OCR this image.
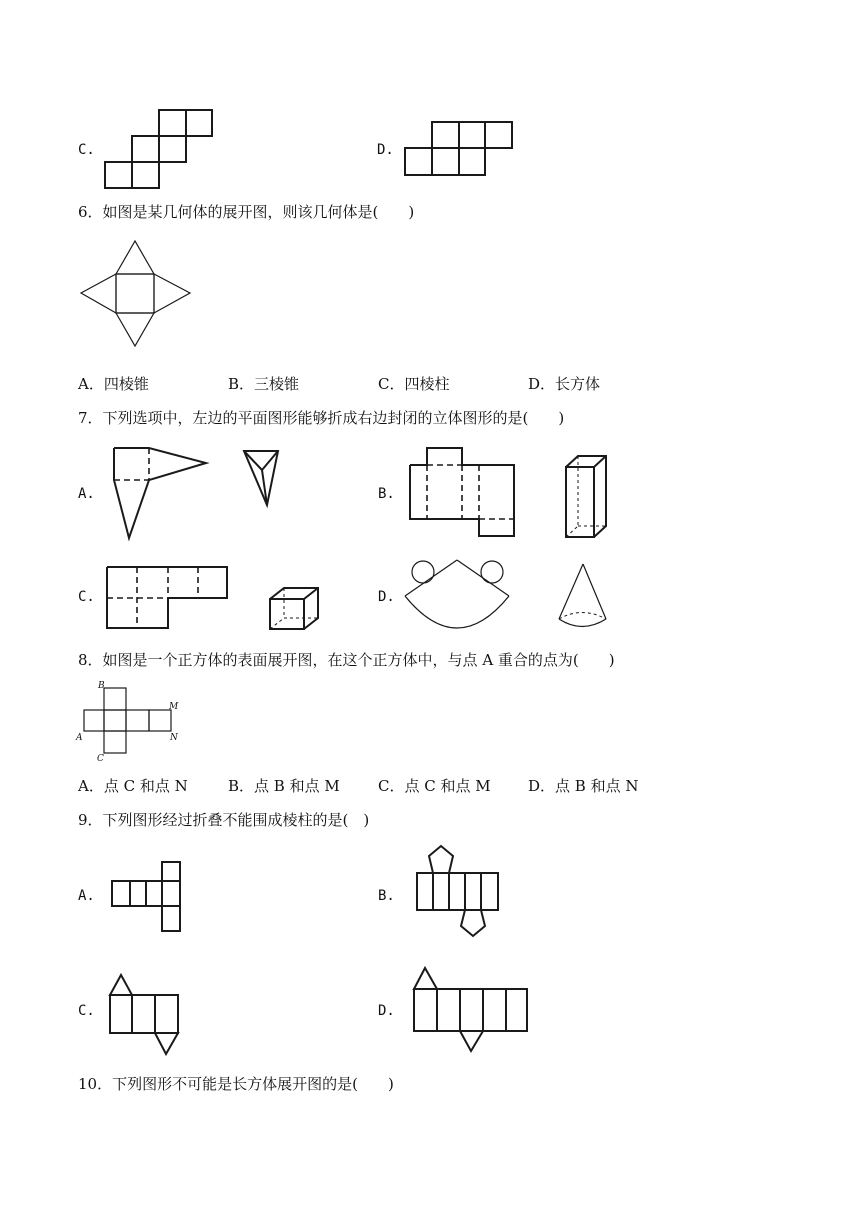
C.	D.
6．如图是某几何体的展开图，则该几何体是(　　)
A．四棱锥	B．三棱锥	C．四棱柱	D．长方体
7．下列选项中，左边的平面图形能够折成右边封闭的立体图形的是(　　)
A.	B.
C.	D.
8．如图是一个正方体的表面展开图，在这个正方体中，与点 A 重合的点为(　　)
B
M
A	N
C
A．点 C 和点 N	B．点 B 和点 M	C．点 C 和点 M D．点 B 和点 N
9．下列图形经过折叠不能围成棱柱的是(　)
A.	B.
C.	D.
10．下列图形不可能是长方体展开图的是(　　)
